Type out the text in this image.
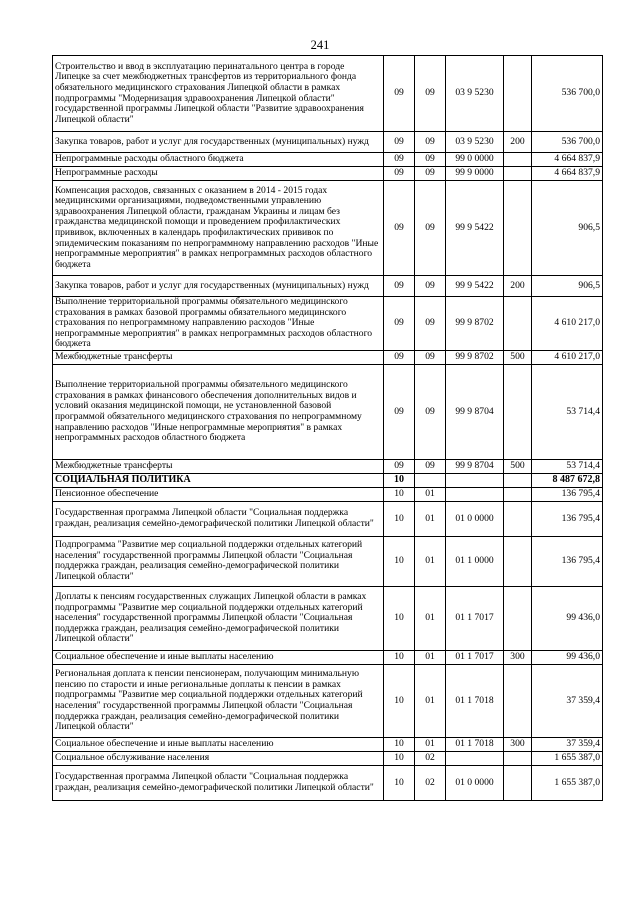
241
Строительство и ввод в эксплуатацию перинатального центра в городе Липецке за счет межбюджетных трансфертов из территориального фонда обязательного медицинского страхования Липецкой области в рамках подпрограммы "Модернизация здравоохранения Липецкой области" государственной программы Липецкой области "Развитие здравоохранения Липецкой области"	09	09	03 9 5230		536 700,0
Закупка товаров, работ и услуг для государственных (муниципальных) нужд	09	09	03 9 5230	200	536 700,0
Непрограммные расходы областного бюджета	09	09	99 0 0000		4 664 837,9
Непрограммные расходы	09	09	99 9 0000		4 664 837,9
Компенсация расходов, связанных с оказанием в 2014 - 2015 годах медицинскими организациями, подведомственными управлению здравоохранения Липецкой области, гражданам Украины и лицам без гражданства медицинской помощи и проведением профилактических прививок, включенных в календарь профилактических прививок по эпидемическим показаниям по непрограммному направлению расходов "Иные непрограммные мероприятия" в рамках непрограммных расходов областного бюджета	09	09	99 9 5422		906,5
Закупка товаров, работ и услуг для государственных (муниципальных) нужд	09	09	99 9 5422	200	906,5
Выполнение территориальной программы обязательного медицинского страхования в рамках базовой программы обязательного медицинского страхования по непрограммному направлению расходов "Иные непрограммные мероприятия" в рамках непрограммных расходов областного бюджета	09	09	99 9 8702		4 610 217,0
Межбюджетные трансферты	09	09	99 9 8702	500	4 610 217,0
Выполнение территориальной программы обязательного медицинского страхования в рамках финансового обеспечения дополнительных видов и условий оказания медицинской помощи, не установленной базовой программой обязательного медицинского страхования по непрограммному направлению расходов "Иные непрограммные мероприятия" в рамках непрограммных расходов областного бюджета	09	09	99 9 8704		53 714,4
Межбюджетные трансферты	09	09	99 9 8704	500	53 714,4
СОЦИАЛЬНАЯ ПОЛИТИКА	10				8 487 672,8
Пенсионное обеспечение	10	01			136 795,4
Государственная программа Липецкой области "Социальная поддержка граждан, реализация семейно-демографической политики Липецкой области"	10	01	01 0 0000		136 795,4
Подпрограмма "Развитие мер социальной поддержки отдельных категорий населения" государственной программы Липецкой области "Социальная поддержка граждан, реализация семейно-демографической политики Липецкой области"	10	01	01 1 0000		136 795,4
Доплаты к пенсиям государственных служащих Липецкой области в рамках подпрограммы "Развитие мер социальной поддержки отдельных категорий населения" государственной программы Липецкой области "Социальная поддержка граждан, реализация семейно-демографической политики Липецкой области"	10	01	01 1 7017		99 436,0
Социальное обеспечение и иные выплаты населению	10	01	01 1 7017	300	99 436,0
Региональная доплата к пенсии пенсионерам, получающим минимальную пенсию по старости и иные региональные доплаты к пенсии в рамках подпрограммы "Развитие мер социальной поддержки отдельных категорий населения" государственной программы Липецкой области "Социальная поддержка граждан, реализация семейно-демографической политики Липецкой области"	10	01	01 1 7018		37 359,4
Социальное обеспечение и иные выплаты населению	10	01	01 1 7018	300	37 359,4
Социальное обслуживание населения	10	02			1 655 387,0
Государственная программа Липецкой области "Социальная поддержка граждан, реализация семейно-демографической политики Липецкой области"	10	02	01 0 0000		1 655 387,0
